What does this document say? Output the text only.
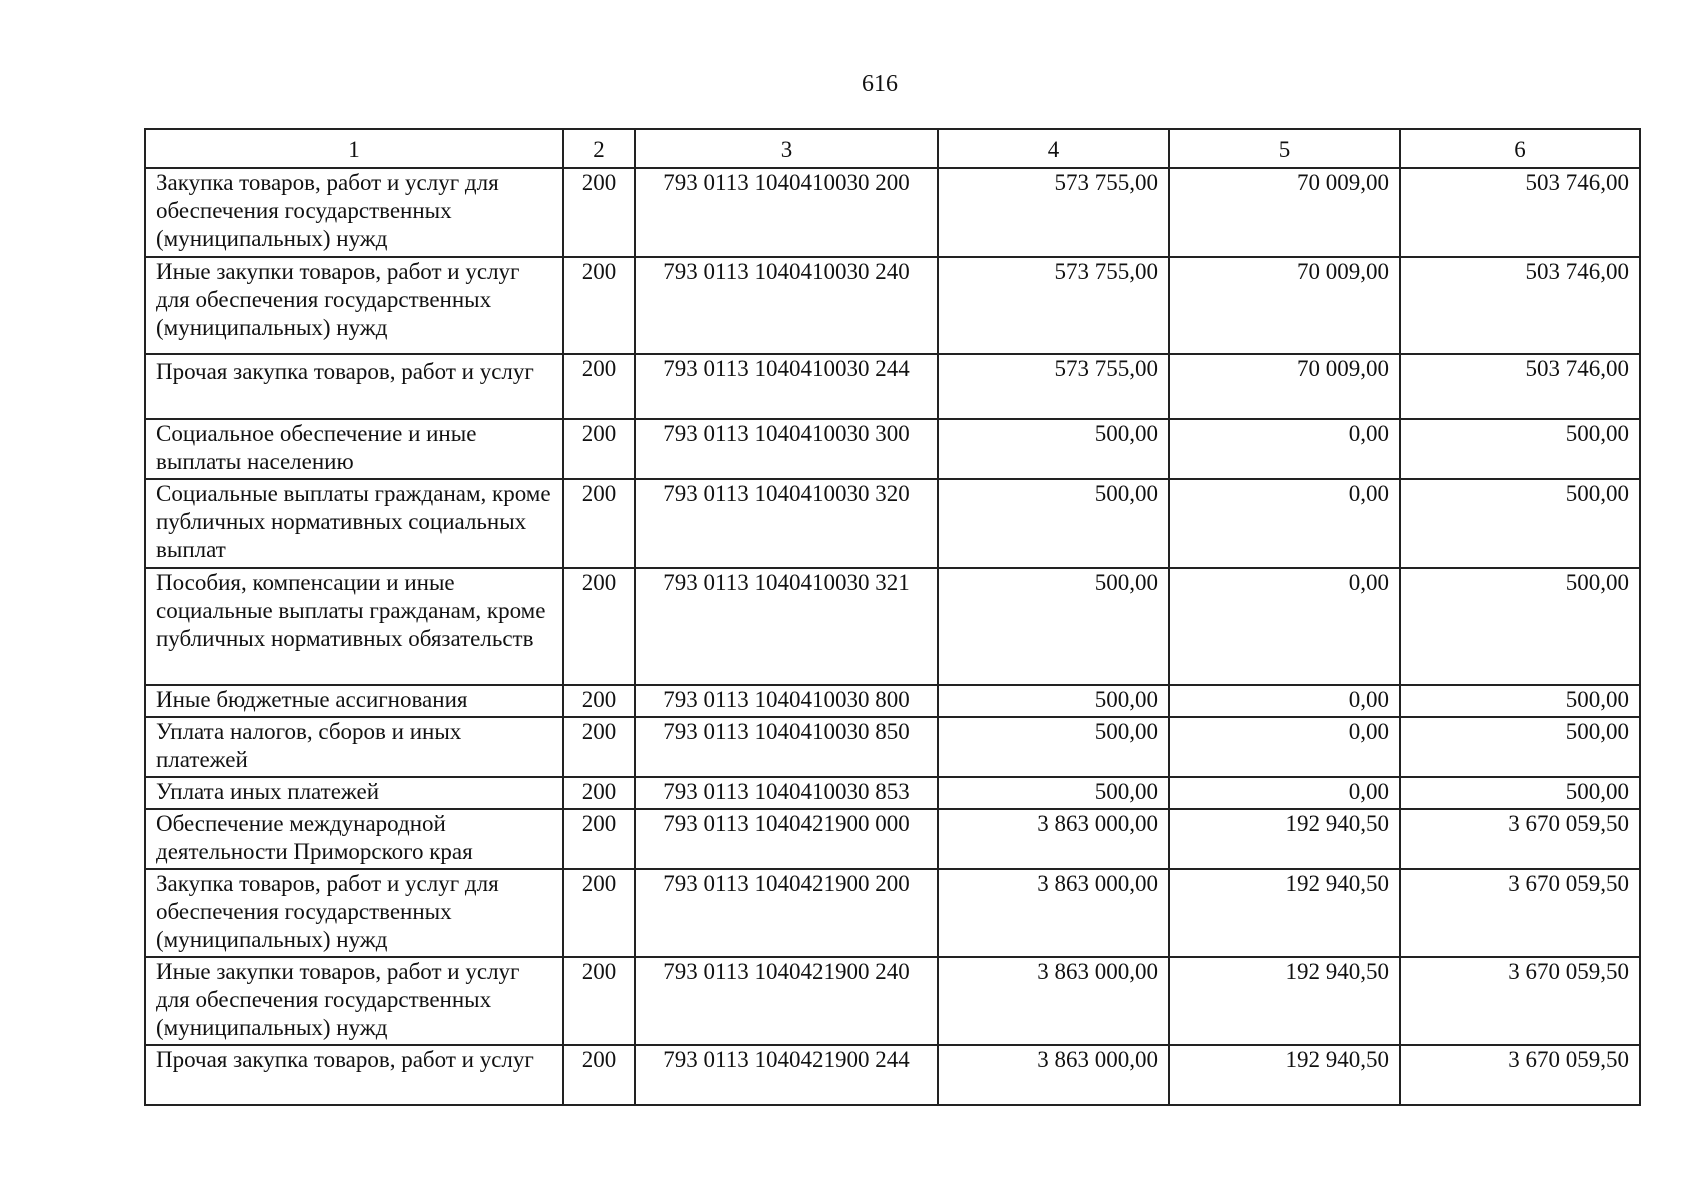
616
1	2	3	4	5	6
Закупка товаров, работ и услуг для обеспечения государственных (муниципальных) нужд	200	793 0113 1040410030 200	573 755,00	70 009,00	503 746,00
Иные закупки товаров, работ и услуг для обеспечения государственных (муниципальных) нужд	200	793 0113 1040410030 240	573 755,00	70 009,00	503 746,00
Прочая закупка товаров, работ и услуг	200	793 0113 1040410030 244	573 755,00	70 009,00	503 746,00
Социальное обеспечение и иные выплаты населению	200	793 0113 1040410030 300	500,00	0,00	500,00
Социальные выплаты гражданам, кроме публичных нормативных социальных выплат	200	793 0113 1040410030 320	500,00	0,00	500,00
Пособия, компенсации и иные социальные выплаты гражданам, кроме публичных нормативных обязательств	200	793 0113 1040410030 321	500,00	0,00	500,00
Иные бюджетные ассигнования	200	793 0113 1040410030 800	500,00	0,00	500,00
Уплата налогов, сборов и иных платежей	200	793 0113 1040410030 850	500,00	0,00	500,00
Уплата иных платежей	200	793 0113 1040410030 853	500,00	0,00	500,00
Обеспечение международной деятельности Приморского края	200	793 0113 1040421900 000	3 863 000,00	192 940,50	3 670 059,50
Закупка товаров, работ и услуг для обеспечения государственных (муниципальных) нужд	200	793 0113 1040421900 200	3 863 000,00	192 940,50	3 670 059,50
Иные закупки товаров, работ и услуг для обеспечения государственных (муниципальных) нужд	200	793 0113 1040421900 240	3 863 000,00	192 940,50	3 670 059,50
Прочая закупка товаров, работ и услуг	200	793 0113 1040421900 244	3 863 000,00	192 940,50	3 670 059,50
